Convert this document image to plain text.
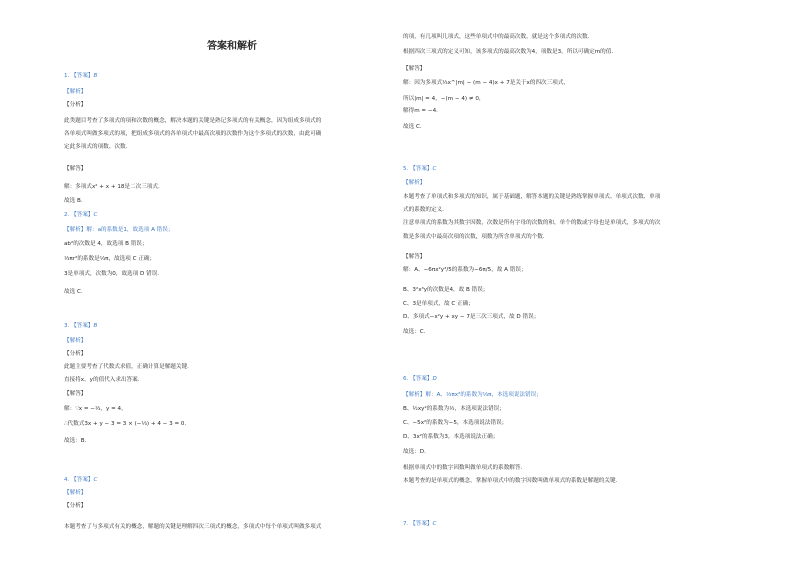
答案和解析
1. 【答案】B
【解析】
【分析】
此类题目考查了多项式的项和次数的概念，解决本题的关键是熟记多项式的有关概念，因为组成多项式的
各单项式叫做多项式的项，把组成多项式的各单项式中最高次项的次数作为这个多项式的次数，由此可确
定此多项式的项数、次数.
【解答】
解：多项式x² + x + 18是二次三项式.
故选 B.
2. 【答案】C
【解析】解：a的系数是1，故选项 A 错误；
ab²的次数是 4，故选项 B 错误；
⅓πr²的系数是⅓π，故选项 C 正确；
3是单项式，次数为0，故选项 D 错误.
故选 C.
3. 【答案】B
【解析】
【分析】
此题主要考查了代数式求值，正确计算是解题关键.
直接将x，y的值代入求出答案.
【解答】
解：∵x = −⅓，y = 4，
∴代数式3x + y − 3 = 3 × (−⅓) + 4 − 3 = 0.
故选：B.
4. 【答案】C
【解析】
【分析】
本题考查了与多项式有关的概念，解题的关键是理解四次三项式的概念，多项式中每个单项式叫做多项式
的项，有几项叫几项式，这些单项式中的最高次数，就是这个多项式的次数.
根据四次三项式的定义可知，该多项式的最高次数为4，项数是3，所以可确定m的值.
【解答】
解：因为多项式⅓x^|m| − (m − 4)x + 7是关于x的四次三项式，
所以|m| = 4，−(m − 4) ≠ 0，
解得m = −4.
故选 C.
5. 【答案】C
【解析】
本题考查了单项式和多项式的知识，属于基础题，解答本题的关键是熟练掌握单项式、单项式次数、单项
式的系数的定义.
注意单项式的系数为其数字因数，次数是所有字母的次数的和，单个的数或字母也是单项式，多项式的次
数是多项式中最高次项的次数，项数为所含单项式的个数.
【解答】
解：A、−6πx²y³/5的系数为−6π/5，故 A 错误；
B、3²x³y的次数是4，故 B 错误；
C、3是单项式，故 C 正确；
D、多项式−x²y + xy − 7是三次三项式，故 D 错误；
故选：C.
6. 【答案】D
【解析】解：A、⅓πx²的系数为⅓π，本选项说法错误；
B、½xy²的系数为½，本选项说法错误；
C、−5x²的系数为−5，本选项说法错误；
D、3x²的系数为3，本选项说法正确；
故选：D.
根据单项式中的数字因数叫做单项式的系数解答.
本题考查的是单项式的概念，掌握单项式中的数字因数叫做单项式的系数是解题的关键.
7. 【答案】C
